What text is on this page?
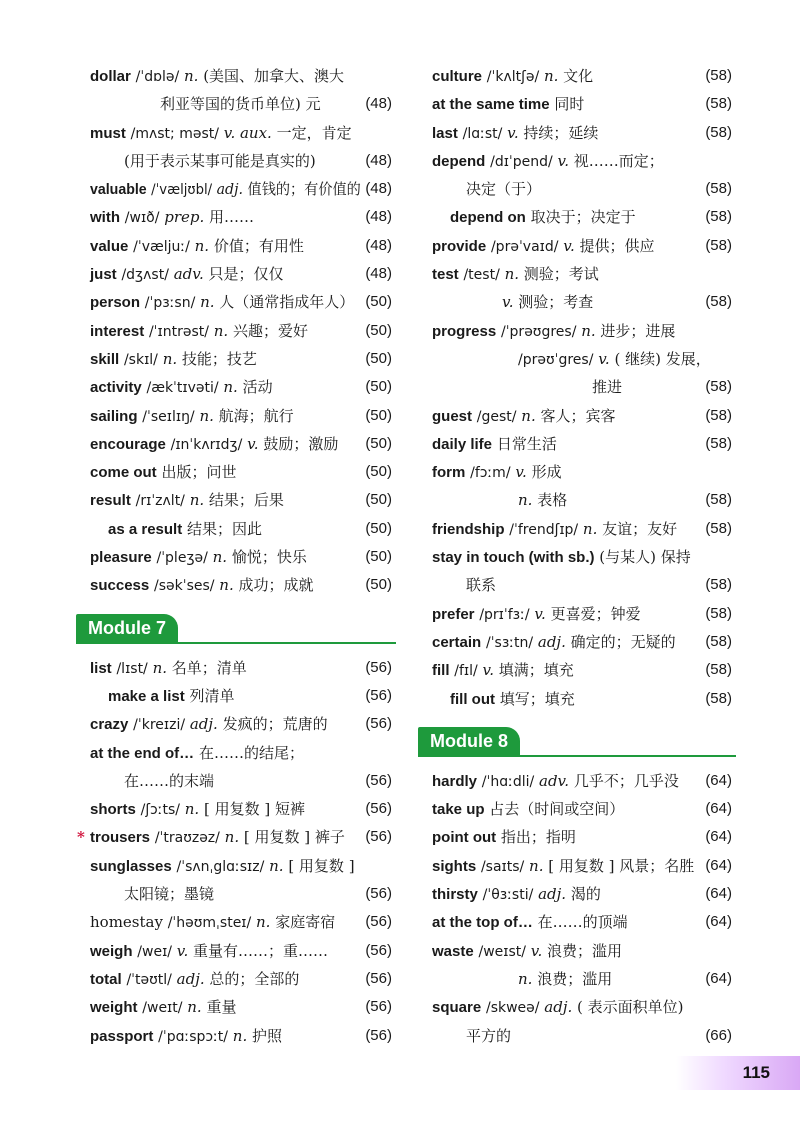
dollar /ˈdɒlə/ n. (美国、加拿大、澳大
利亚等国的货币单位) 元	(48)
must /mʌst; məst/ v. aux. 一定，肯定
(用于表示某事可能是真实的)	(48)
valuable /ˈvæljʊbl/ adj. 值钱的；有价值的 (48)
with /wɪð/ prep. 用……	(48)
value /ˈvæljuː/ n. 价值；有用性	(48)
just /dʒʌst/ adv. 只是；仅仅	(48)
person /ˈpɜːsn/ n. 人（通常指成年人） (50)
interest /ˈɪntrəst/ n. 兴趣；爱好	(50)
skill /skɪl/ n. 技能；技艺	(50)
activity /ækˈtɪvəti/ n. 活动	(50)
sailing /ˈseɪlɪŋ/ n. 航海；航行	(50)
encourage /ɪnˈkʌrɪdʒ/ v. 鼓励；激励 (50)
come out 出版；问世	(50)
result /rɪˈzʌlt/ n. 结果；后果	(50)
as a result 结果；因此	(50)
pleasure /ˈpleʒə/ n. 愉悦；快乐	(50)
success /səkˈses/ n. 成功；成就	(50)
Module 7
list /lɪst/ n. 名单；清单	(56)
make a list 列清单	(56)
crazy /ˈkreɪzi/ adj. 发疯的；荒唐的	(56)
at the end of… 在……的结尾；
在……的末端	(56)
shorts /ʃɔːts/ n. [ 用复数 ] 短裤	(56)
* trousers /ˈtraʊzəz/ n. [ 用复数 ] 裤子 (56)
sunglasses /ˈsʌnˌglɑːsɪz/ n. [ 用复数 ]
太阳镜；墨镜	(56)
homestay /ˈhəʊmˌsteɪ/ n. 家庭寄宿 (56)
weigh /weɪ/ v. 重量有……；重…… (56)
total /ˈtəʊtl/ adj. 总的；全部的	(56)
weight /weɪt/ n. 重量	(56)
passport /ˈpɑːspɔːt/ n. 护照	(56)
culture /ˈkʌltʃə/ n. 文化	(58)
at the same time 同时	(58)
last /lɑːst/ v. 持续；延续	(58)
depend /dɪˈpend/ v. 视……而定；
决定（于）	(58)
depend on 取决于；决定于	(58)
provide /prəˈvaɪd/ v. 提供；供应	(58)
test /test/ n. 测验；考试
v. 测验；考查	(58)
progress /ˈprəʊgres/ n. 进步；进展
/prəʊˈgres/ v. ( 继续) 发展，
推进	(58)
guest /gest/ n. 客人；宾客	(58)
daily life 日常生活	(58)
form /fɔːm/ v. 形成
n. 表格	(58)
friendship /ˈfrendʃɪp/ n. 友谊；友好 (58)
stay in touch (with sb.) (与某人) 保持
联系	(58)
prefer /prɪˈfɜː/ v. 更喜爱；钟爱	(58)
certain /ˈsɜːtn/ adj. 确定的；无疑的 (58)
fill /fɪl/ v. 填满；填充	(58)
fill out 填写；填充	(58)
Module 8
hardly /ˈhɑːdli/ adv. 几乎不；几乎没 (64)
take up 占去（时间或空间）	(64)
point out 指出；指明	(64)
sights /saɪts/ n. [ 用复数 ] 风景；名胜 (64)
thirsty /ˈθɜːsti/ adj. 渴的	(64)
at the top of… 在……的顶端	(64)
waste /weɪst/ v. 浪费；滥用
n. 浪费；滥用	(64)
square /skweə/ adj. ( 表示面积单位)
平方的	(66)
115
